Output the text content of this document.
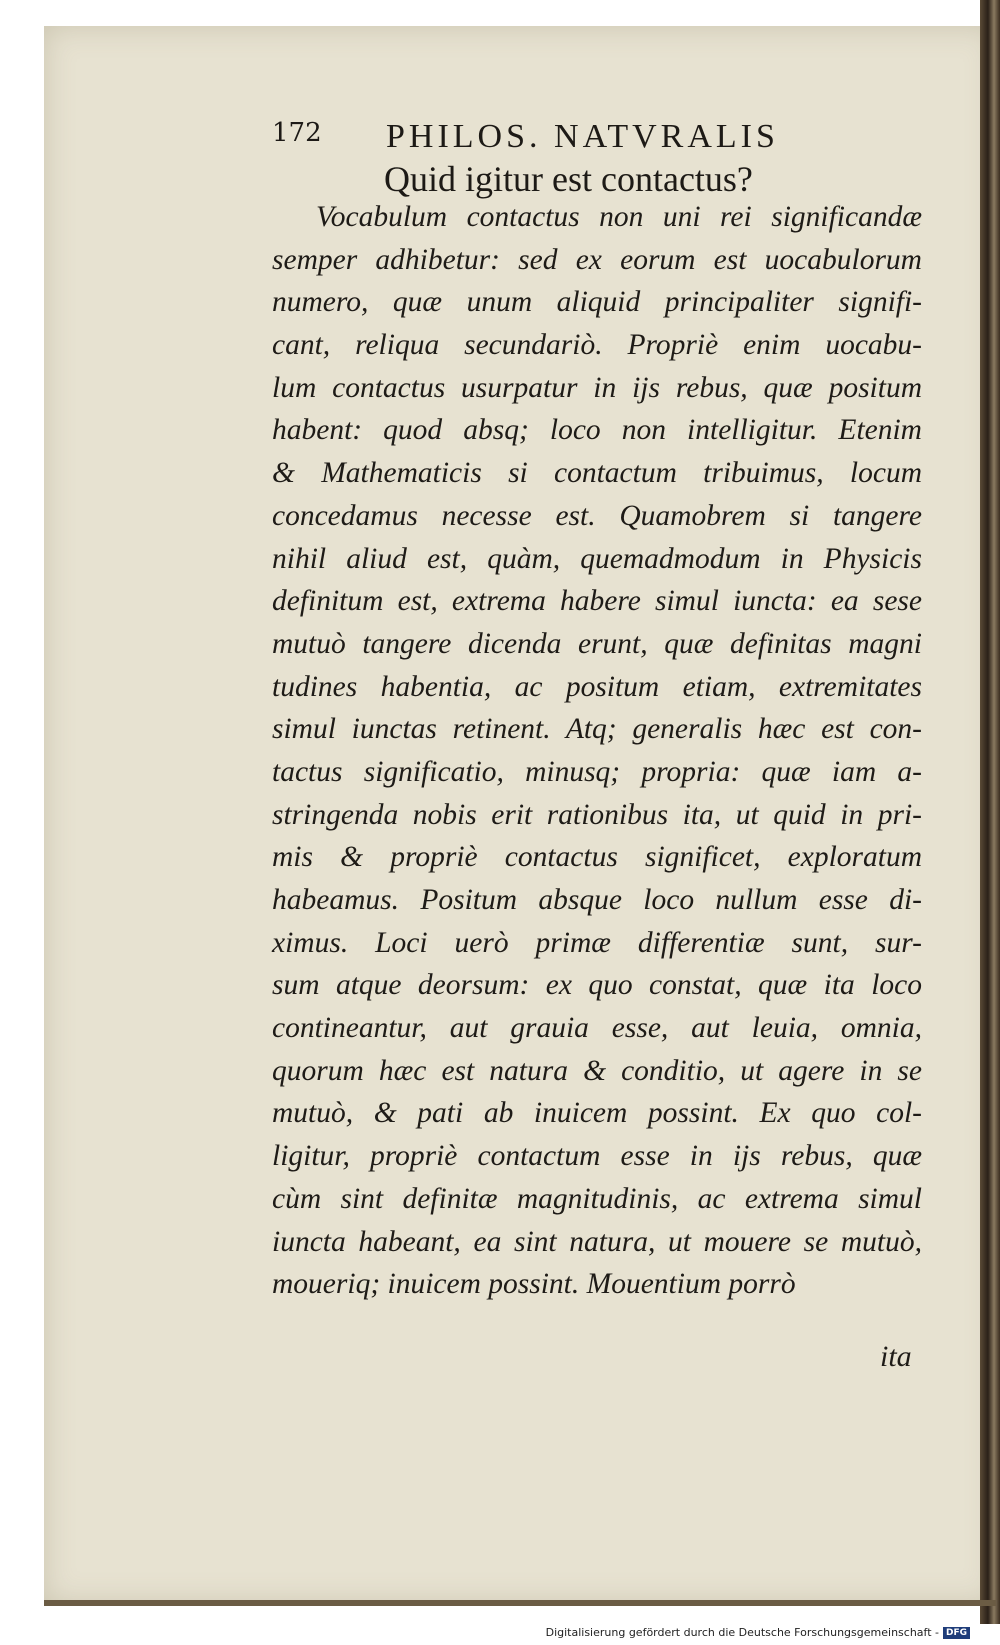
172 PHILOS. NATVRALIS
Quid igitur est contactus?
Vocabulum contactus non uni rei significandæ
semper adhibetur: sed ex eorum est uocabulorum
numero, quæ unum aliquid principaliter signifi-
cant, reliqua secundariò. Propriè enim uocabu-
lum contactus usurpatur in ijs rebus, quæ positum
habent: quod absq; loco non intelligitur. Etenim
& Mathematicis si contactum tribuimus, locum
concedamus necesse est. Quamobrem si tangere
nihil aliud est, quàm, quemadmodum in Physicis
definitum est, extrema habere simul iuncta: ea sese
mutuò tangere dicenda erunt, quæ definitas magni
tudines habentia, ac positum etiam, extremitates
simul iunctas retinent. Atq; generalis hæc est con-
tactus significatio, minusq; propria: quæ iam a-
stringenda nobis erit rationibus ita, ut quid in pri-
mis & propriè contactus significet, exploratum
habeamus. Positum absque loco nullum esse di-
ximus. Loci uerò primæ differentiæ sunt, sur-
sum atque deorsum: ex quo constat, quæ ita loco
contineantur, aut grauia esse, aut leuia, omnia,
quorum hæc est natura & conditio, ut agere in se
mutuò, & pati ab inuicem possint. Ex quo col-
ligitur, propriè contactum esse in ijs rebus, quæ
cùm sint definitæ magnitudinis, ac extrema simul
iuncta habeant, ea sint natura, ut mouere se mutuò,
moueriq; inuicem possint. Mouentium porrò
ita
Digitalisierung gefördert durch die Deutsche Forschungsgemeinschaft - DFG
